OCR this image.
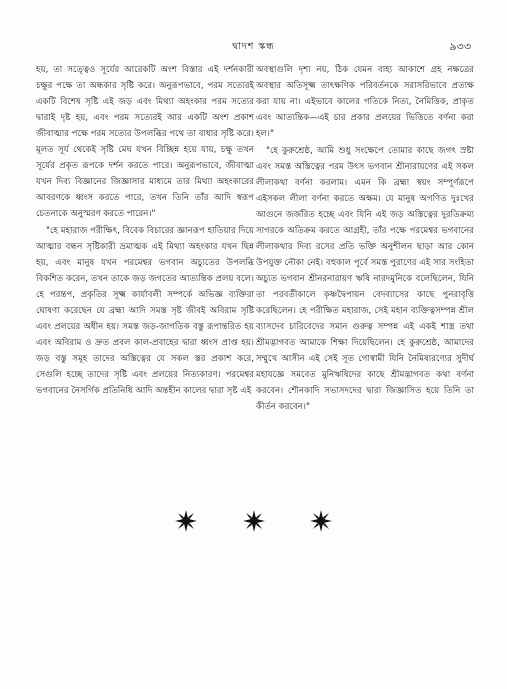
দ্বাদশ স্কন্ধ	৯৩৩

হয়, তা সত্ত্বেও সূর্যের আরেকটি অংশ বিস্তার এই দর্শনকারী চক্ষুর পক্ষে তা অন্ধকার সৃষ্টি করে। অনুরূপভাবে, পরম সত্যেরই একটি বিশেষ সৃষ্টি এই জড় এবং মিথ্যা অহংকার পরম সত্যের দ্বারাই দৃষ্ট হয়, এবং পরম সত্যেরই আর একটি অংশ প্রকাশ জীবাত্মার পক্ষে পরম সত্যের উপলব্ধির পথে তা বাধার সৃষ্টি করে। মূলত সূর্য থেকেই সৃষ্টি মেঘ যখন বিচ্ছিন্ন হয়ে যায়, চক্ষু তখন সূর্যের প্রকৃত রূপকে দর্শন করতে পারে। অনুরূপভাবে, জীবাত্মা যখন দিব্য বিজ্ঞানের জিজ্ঞাসার মাধ্যমে তার মিথ্যা অহংকারের আবরণকে ধ্বংস করতে পারে, তখন তিনি তাঁর আদি স্বরূপ চেতনাকে অনুস্মরণ করতে পারেন।"

"হে মহারাজ পরীক্ষিৎ, বিবেক বিচারের জ্ঞানরূপ হাতিয়ার দিয়ে আত্মার বন্ধন সৃষ্টিকারী ভ্রমাত্মক এই মিথ্যা অহংকার যখন ছিন্ন হয়, এবং মানুষ যখন পরমেশ্বর ভগবান অচ্যুতের উপলব্ধি বিকশিত করেন, তখন তাকে জড় জগতের আত্যন্তিক প্রলয় বলে। হে পরন্তপ, প্রকৃতির সূক্ষ্ম কার্যাবলী সম্পর্কে অভিজ্ঞ ব্যক্তিরা ঘোষণা করেছেন যে ব্রহ্মা আদি সমস্ত সৃষ্ট জীবই অবিরাম সৃষ্টি এবং প্রলয়ের অধীন হয়। সমস্ত জড়-জাগতিক বস্তু রূপান্তরিত হয় এবং অবিরাম ও দ্রুত প্রবল কাল-প্রবাহের দ্বারা ধ্বংস প্রাপ্ত হয়। জড় বস্তু সমূহ তাদের অস্তিত্বের যে সকল স্তর প্রকাশ করে, সেগুলি হচ্ছে তাদের সৃষ্টি এবং প্রলয়ের নিত্যকারণ। পরমেশ্বর ভগবানের নৈসর্গিক প্রতিনিধি আদি অন্তহীন কালের দ্বারা সৃষ্ট এই

অবস্থাগুলি দৃশ্য নয়, ঠিক যেমন বাহ্য আকাশে গ্রহ নক্ষত্রের অবস্থার অতিসূক্ষ্ম তাৎক্ষণিক পরিবর্তনকে সরাসরিভাবে প্রত্যক্ষ করা যায় না। এইভাবে কালের গতিকে নিত্য, নৈমিত্তিক, প্রাকৃত এবং আত্যন্তিক—এই চার প্রকার প্রলয়ের ভিত্তিতে বর্ণনা করা হল।"

"হে কুরুশ্রেষ্ঠ, আমি শুধু সংক্ষেপে তোমার কাছে জগৎ স্রষ্টা এবং সমস্ত অস্তিত্বের পরম উৎস ভগবান শ্রীনারায়ণের এই সকল লীলাকথা বর্ণনা করলাম। এমন কি ব্রহ্মা স্বয়ং সম্পূর্ণরূপে এইসকল লীলা বর্ণনা করতে অক্ষম। যে মানুষ অগণিত দুঃখের আগুনে জর্জরিত হচ্ছে এবং যিনি এই জড় অস্তিত্বের দুরতিক্রম্য সাগরকে অতিক্রম করতে আগ্রহী, তাঁর পক্ষে পরমেশ্বর ভগবানের লীলাকথার দিব্য রসের প্রতি ভক্তি অনুশীলন ছাড়া আর কোন উপযুক্ত নৌকা নেই। বহুকাল পূর্বে সমস্ত পুরাণের এই সার সংহিতা অচ্যুত ভগবান শ্রীনরনারায়ণ ঋষি নারদমুনিকে বলেছিলেন, যিনি তা পরবর্তীকালে কৃষ্ণদ্বৈপায়ন বেদব্যাসের কাছে পুনরাবৃত্তি করেছিলেন। হে পরীক্ষিত মহারাজ, সেই মহান ব্যক্তিত্বসম্পন্ন শ্রীল ব্যাসদেব চারিবেদের সমান গুরুত্ব সম্পন্ন এই একই শাস্ত্র তথা শ্রীমদ্ভাগবত আমাকে শিক্ষা দিয়েছিলেন। হে কুরুশ্রেষ্ঠ, আমাদের সম্মুখে আসীন এই সেই সূত গোস্বামী যিনি নৈমিষারণ্যের সুদীর্ঘ মহাযজ্ঞে সমবেত মুনিঋষিদের কাছে শ্রীমদ্ভাগবত কথা বর্ণনা করবেন। শৌনকাদি সভাসদদের দ্বারা জিজ্ঞাসিত হয়ে তিনি তা কীর্তন করবেন।"
